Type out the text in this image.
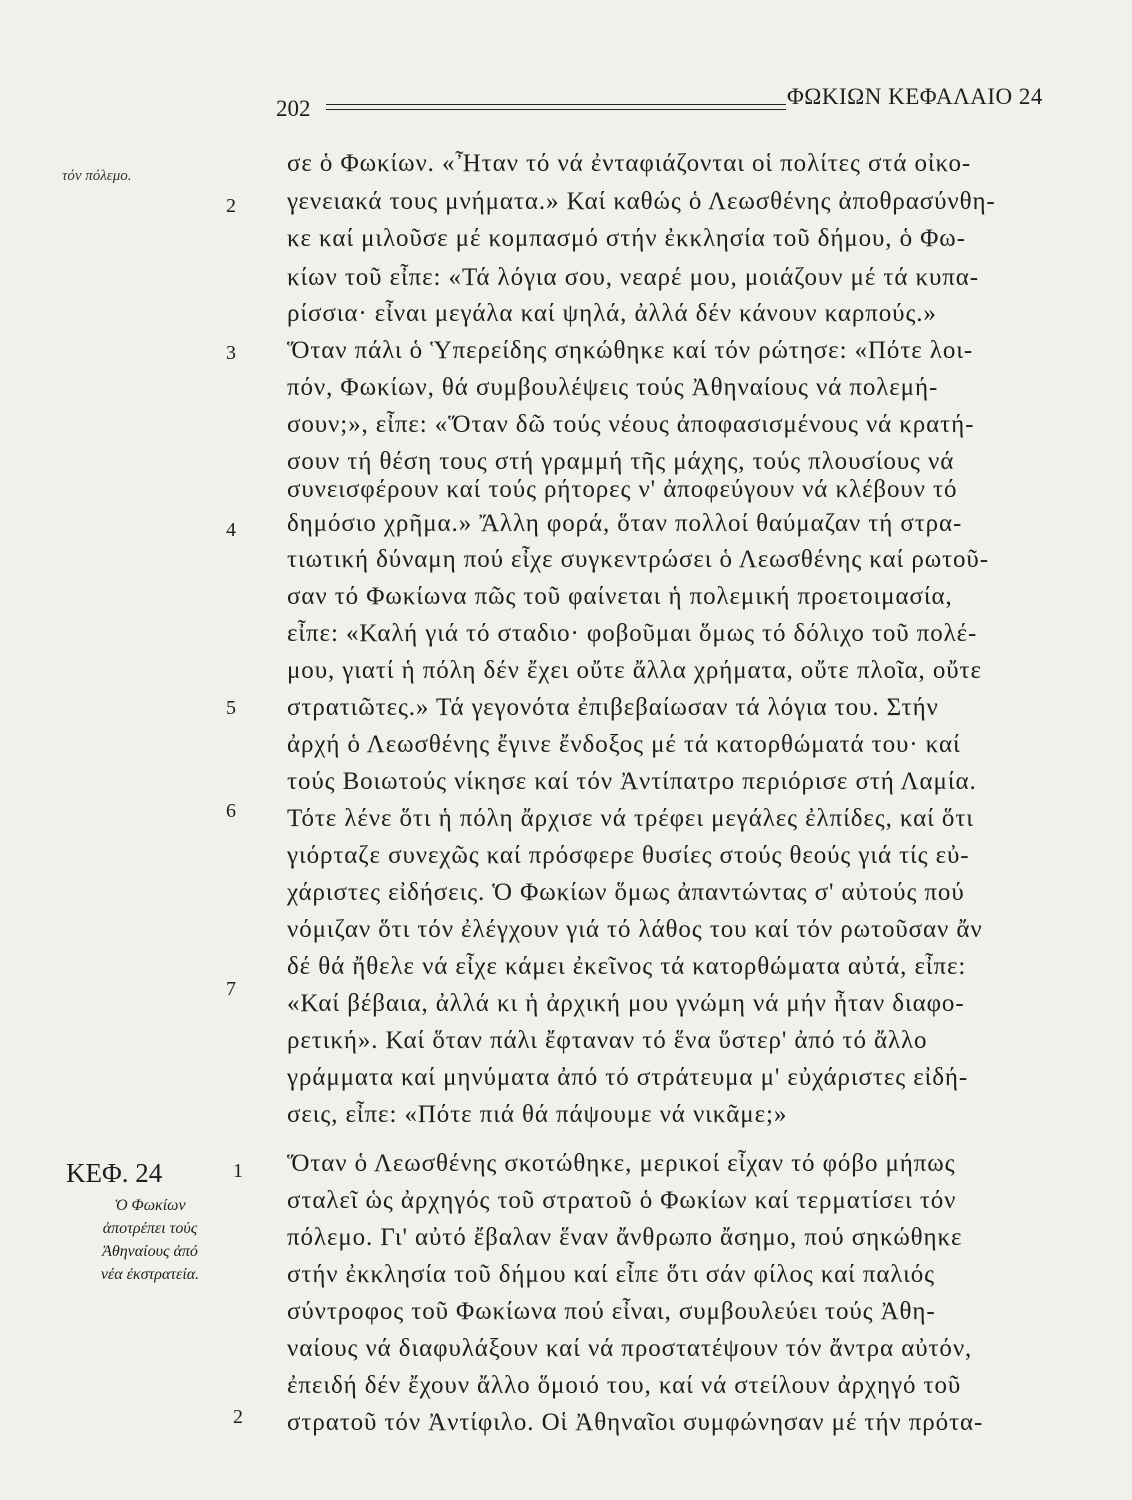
202	ΦΩΚΙΩΝ ΚΕΦΑΛΑΙΟ 24
τόν πόλεμο.	σε ὁ Φωκίων. «Ἦταν τό νά ἐνταφιάζονται οἱ πολίτες στά οἰκο-
γενειακά τους μνήματα.» Καί καθώς ὁ Λεωσθένης ἀποθρασύνθη-
κε καί μιλοῦσε μέ κομπασμό στήν ἐκκλησία τοῦ δήμου, ὁ Φω-
κίων τοῦ εἶπε: «Τά λόγια σου, νεαρέ μου, μοιάζουν μέ τά κυπα-
ρίσσια· εἶναι μεγάλα καί ψηλά, ἀλλά δέν κάνουν καρπούς.»
Ὅταν πάλι ὁ Ὑπερείδης σηκώθηκε καί τόν ρώτησε: «Πότε λοι-
πόν, Φωκίων, θά συμβουλέψεις τούς Ἀθηναίους νά πολεμή-
σουν;», εἶπε: «Ὅταν δῶ τούς νέους ἀποφασισμένους νά κρατή-
σουν τή θέση τους στή γραμμή τῆς μάχης, τούς πλουσίους νά
συνεισφέρουν καί τούς ρήτορες ν' ἀποφεύγουν νά κλέβουν τό
δημόσιο χρῆμα.» Ἄλλη φορά, ὅταν πολλοί θαύμαζαν τή στρα-
τιωτική δύναμη πού εἶχε συγκεντρώσει ὁ Λεωσθένης καί ρωτοῦ-
σαν τό Φωκίωνα πῶς τοῦ φαίνεται ἡ πολεμική προετοιμασία,
εἶπε: «Καλή γιά τό σταδιο· φοβοῦμαι ὅμως τό δόλιχο τοῦ πολέ-
μου, γιατί ἡ πόλη δέν ἔχει οὔτε ἄλλα χρήματα, οὔτε πλοῖα, οὔτε
στρατιῶτες.» Τά γεγονότα ἐπιβεβαίωσαν τά λόγια του. Στήν
ἀρχή ὁ Λεωσθένης ἔγινε ἔνδοξος μέ τά κατορθώματά του· καί
τούς Βοιωτούς νίκησε καί τόν Ἀντίπατρο περιόρισε στή Λαμία.
Τότε λένε ὅτι ἡ πόλη ἄρχισε νά τρέφει μεγάλες ἐλπίδες, καί ὅτι
γιόρταζε συνεχῶς καί πρόσφερε θυσίες στούς θεούς γιά τίς εὐ-
χάριστες εἰδήσεις. Ὁ Φωκίων ὅμως ἀπαντώντας σ' αὐτούς πού
νόμιζαν ὅτι τόν ἐλέγχουν γιά τό λάθος του καί τόν ρωτοῦσαν ἄν
δέ θά ἤθελε νά εἶχε κάμει ἐκεῖνος τά κατορθώματα αὐτά, εἶπε:
«Καί βέβαια, ἀλλά κι ἡ ἀρχική μου γνώμη νά μήν ἦταν διαφο-
ρετική». Καί ὅταν πάλι ἔφταναν τό ἕνα ὕστερ' ἀπό τό ἄλλο
γράμματα καί μηνύματα ἀπό τό στράτευμα μ' εὐχάριστες εἰδή-
σεις, εἶπε: «Πότε πιά θά πάψουμε νά νικᾶμε;»
2
3
4
5
6
7
ΚΕΦ. 24
Ὁ Φωκίων
ἀποτρέπει τούς
Ἀθηναίους ἀπό
νέα ἐκστρατεία.
1
2
Ὅταν ὁ Λεωσθένης σκοτώθηκε, μερικοί εἶχαν τό φόβο μήπως
σταλεῖ ὡς ἀρχηγός τοῦ στρατοῦ ὁ Φωκίων καί τερματίσει τόν
πόλεμο. Γι' αὐτό ἔβαλαν ἕναν ἄνθρωπο ἄσημο, πού σηκώθηκε
στήν ἐκκλησία τοῦ δήμου καί εἶπε ὅτι σάν φίλος καί παλιός
σύντροφος τοῦ Φωκίωνα πού εἶναι, συμβουλεύει τούς Ἀθη-
ναίους νά διαφυλάξουν καί νά προστατέψουν τόν ἄντρα αὐτόν,
ἐπειδή δέν ἔχουν ἄλλο ὅμοιό του, καί νά στείλουν ἀρχηγό τοῦ
στρατοῦ τόν Ἀντίφιλο. Οἱ Ἀθηναῖοι συμφώνησαν μέ τήν πρότα-
